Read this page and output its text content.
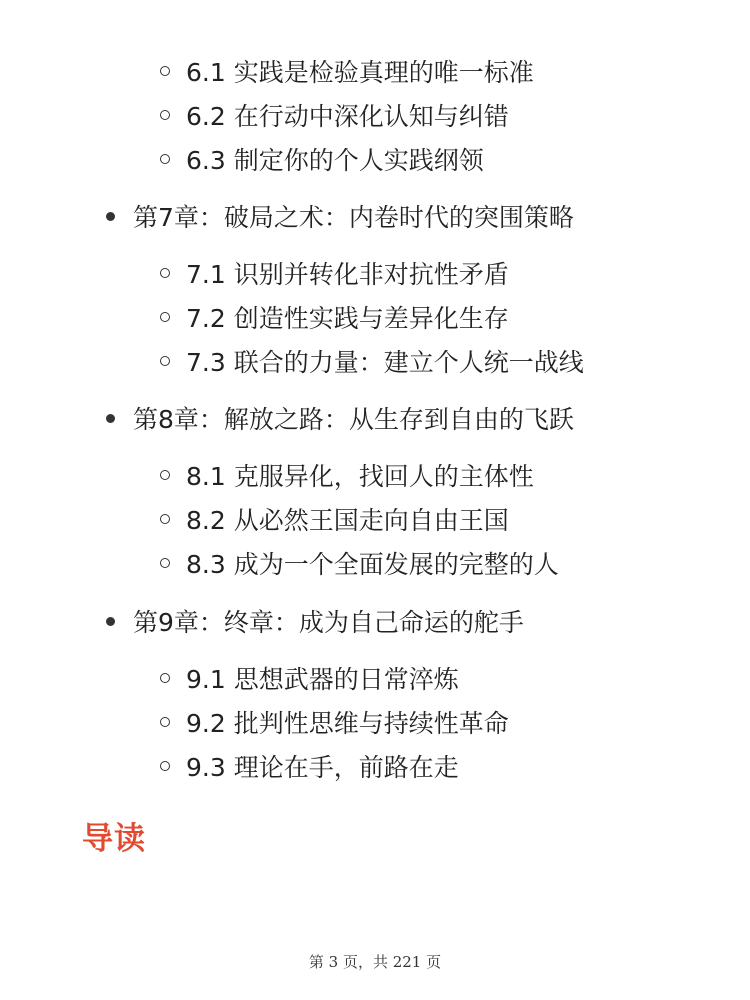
6.1 实践是检验真理的唯一标准
6.2 在行动中深化认知与纠错
6.3 制定你的个人实践纲领
第7章：破局之术：内卷时代的突围策略
7.1 识别并转化非对抗性矛盾
7.2 创造性实践与差异化生存
7.3 联合的力量：建立个人统一战线
第8章：解放之路：从生存到自由的飞跃
8.1 克服异化，找回人的主体性
8.2 从必然王国走向自由王国
8.3 成为一个全面发展的完整的人
第9章：终章：成为自己命运的舵手
9.1 思想武器的日常淬炼
9.2 批判性思维与持续性革命
9.3 理论在手，前路在走
导读
第 3 页，共 221 页
